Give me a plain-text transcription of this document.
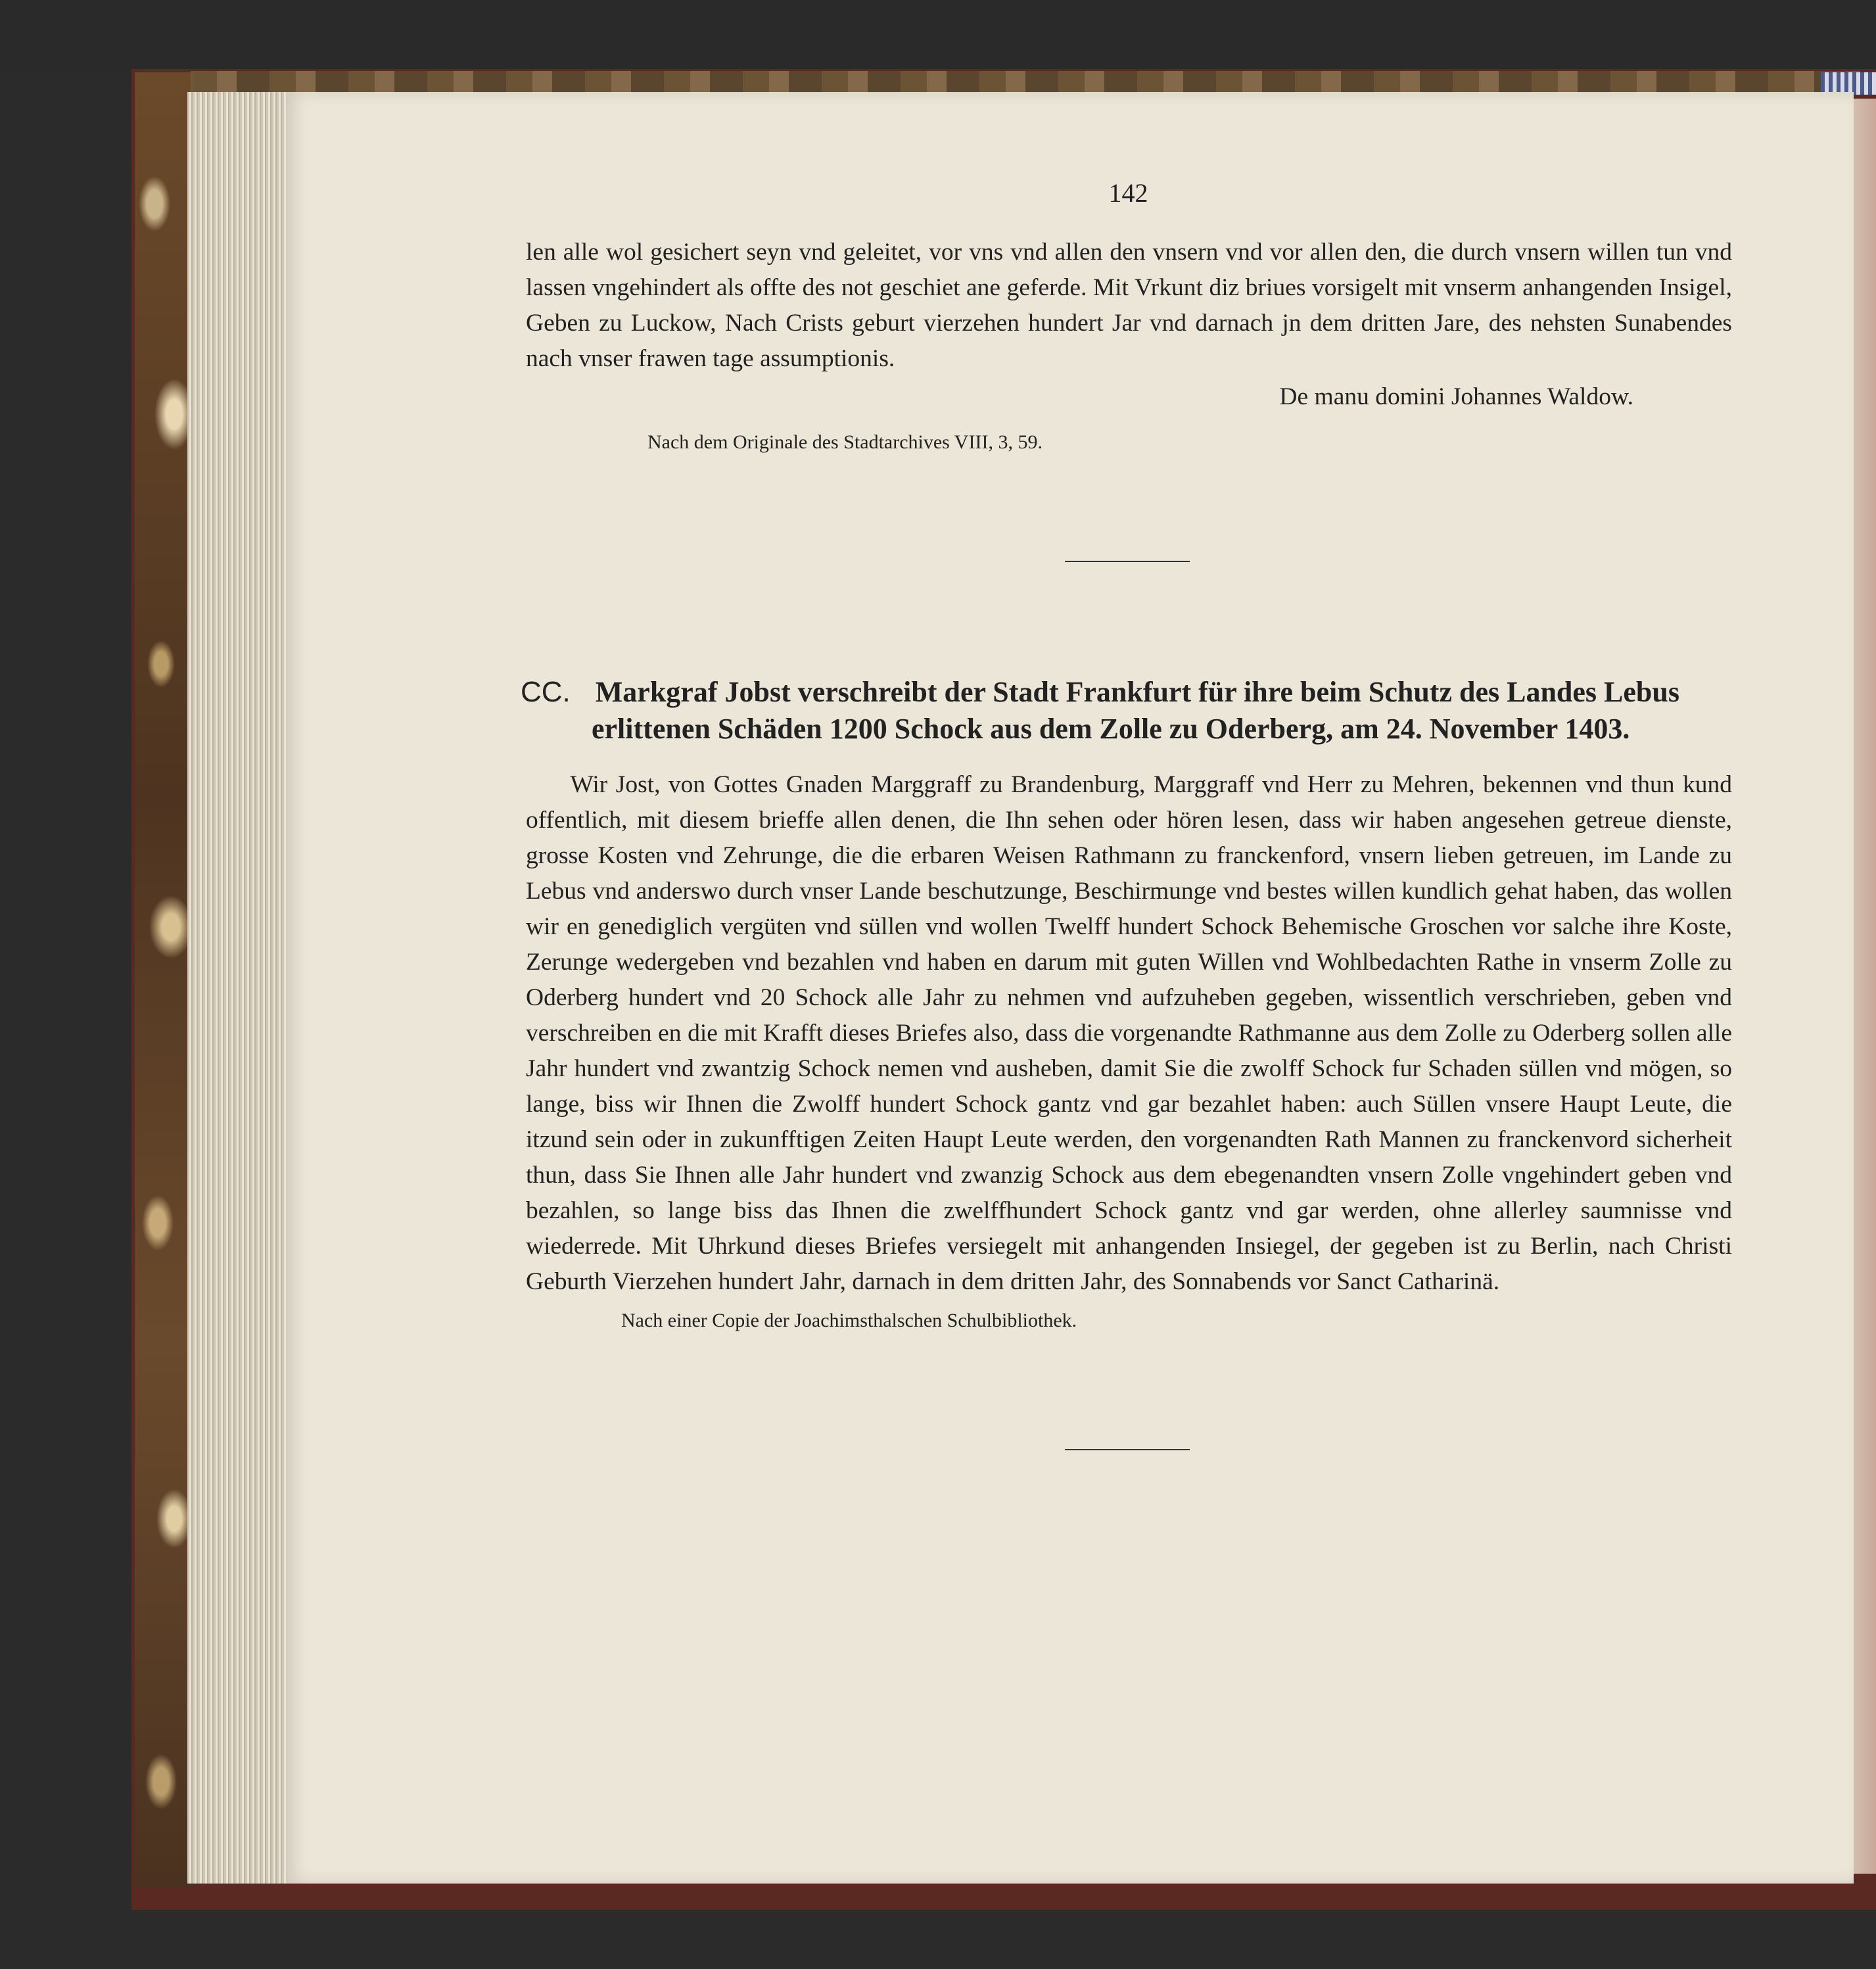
142

len alle wol gesichert seyn vnd geleitet, vor vns vnd allen den vnsern vnd vor allen den, die durch vnsern willen tun vnd lassen vngehindert als offte des not geschiet ane geferde. Mit Vrkunt diz briues vorsigelt mit vnserm anhangenden Insigel, Geben zu Luckow, Nach Crists geburt vierzehen hundert Jar vnd darnach jn dem dritten Jare, des nehsten Sunabendes nach vnser frawen tage assumptionis.

De manu domini Johannes Waldow.
Nach dem Originale des Stadtarchives VIII, 3, 59.
CC. Markgraf Jobst verschreibt der Stadt Frankfurt für ihre beim Schutz des Landes Lebus
erlittenen Schäden 1200 Schock aus dem Zolle zu Oderberg, am 24. November 1403.

Wir Jost, von Gottes Gnaden Marggraff zu Brandenburg, Marggraff vnd Herr zu Mehren, bekennen vnd thun kund offentlich, mit diesem brieffe allen denen, die Ihn sehen oder hören lesen, dass wir haben angesehen getreue dienste, grosse Kosten vnd Zehrunge, die die erbaren Weisen Rathmann zu franckenford, vnsern lieben getreuen, im Lande zu Lebus vnd anderswo durch vnser Lande beschutzunge, Beschirmunge vnd bestes willen kundlich gehat haben, das wollen wir en genediglich vergüten vnd süllen vnd wollen Twelff hundert Schock Behemische Groschen vor salche ihre Koste, Zerunge wedergeben vnd bezahlen vnd haben en darum mit guten Willen vnd Wohlbedachten Rathe in vnserm Zolle zu Oderberg hundert vnd 20 Schock alle Jahr zu nehmen vnd aufzuheben gegeben, wissentlich verschrieben, geben vnd verschreiben en die mit Krafft dieses Briefes also, dass die vorgenandte Rathmanne aus dem Zolle zu Oderberg sollen alle Jahr hundert vnd zwantzig Schock nemen vnd ausheben, damit Sie die zwolff Schock fur Schaden süllen vnd mögen, so lange, biss wir Ihnen die Zwolff hundert Schock gantz vnd gar bezahlet haben: auch Süllen vnsere Haupt Leute, die itzund sein oder in zukunfftigen Zeiten Haupt Leute werden, den vorgenandten Rath Mannen zu franckenvord sicherheit thun, dass Sie Ihnen alle Jahr hundert vnd zwanzig Schock aus dem ebegenandten vnsern Zolle vngehindert geben vnd bezahlen, so lange biss das Ihnen die zwelffhundert Schock gantz vnd gar werden, ohne allerley saumnisse vnd wiederrede. Mit Uhrkund dieses Briefes versiegelt mit anhangenden Insiegel, der gegeben ist zu Berlin, nach Christi Geburth Vierzehen hundert Jahr, darnach in dem dritten Jahr, des Sonnabends vor Sanct Catharinä.

Nach einer Copie der Joachimsthalschen Schulbibliothek.
